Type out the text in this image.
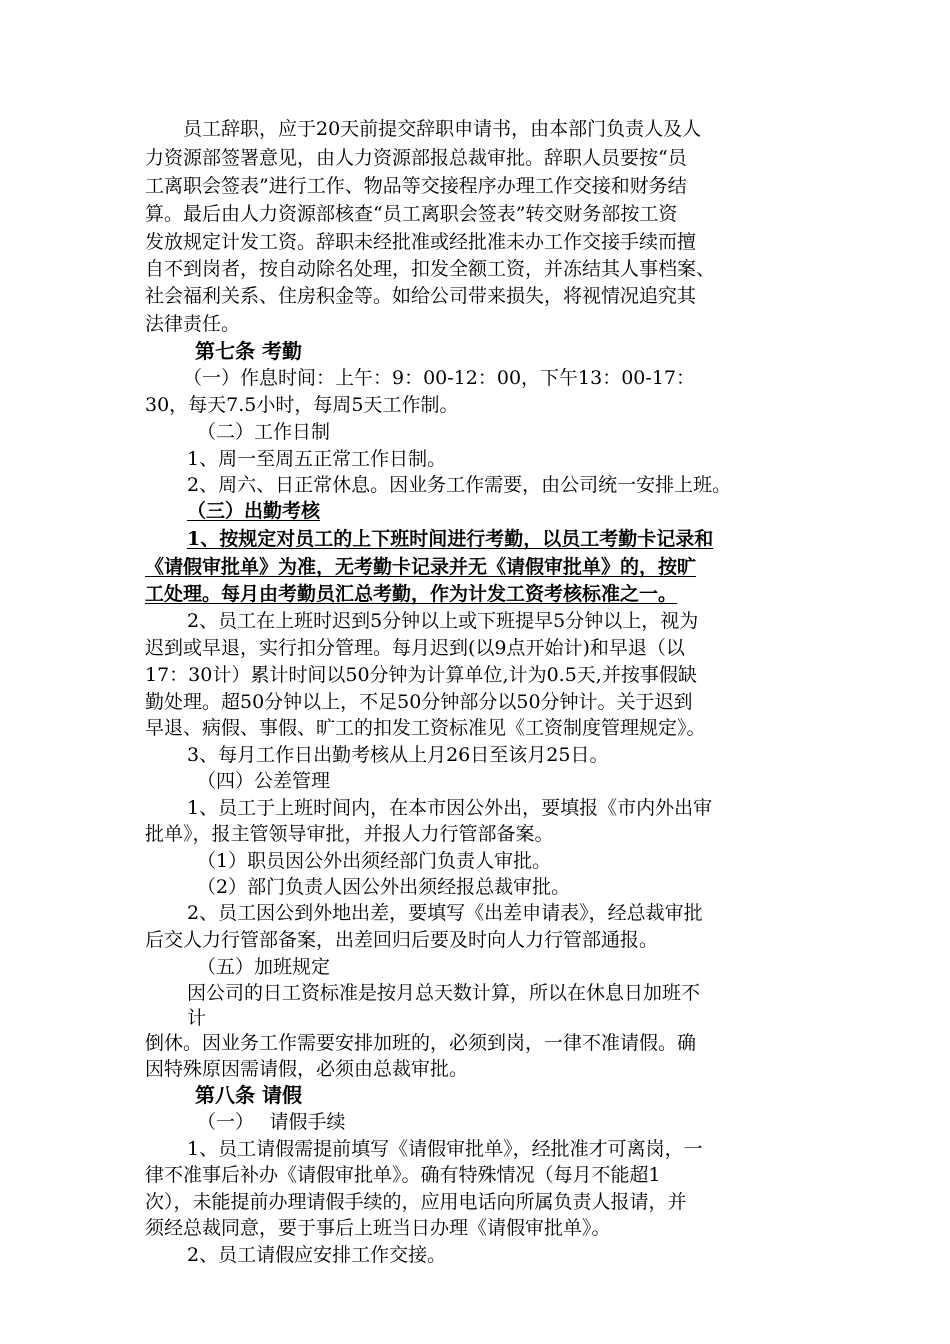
员工辞职，应于20天前提交辞职申请书，由本部门负责人及人

力资源部签署意见，由人力资源部报总裁审批。辞职人员要按“员

工离职会签表”进行工作、物品等交接程序办理工作交接和财务结

算。最后由人力资源部核查“员工离职会签表”转交财务部按工资

发放规定计发工资。辞职未经批准或经批准未办工作交接手续而擅

自不到岗者，按自动除名处理，扣发全额工资，并冻结其人事档案、

社会福利关系、住房积金等。如给公司带来损失，将视情况追究其

法律责任。

第七条 考勤

（一）作息时间：上午：9：00-12：00，下午13：00-17：

30，每天7.5小时，每周5天工作制。

（二）工作日制

1、周一至周五正常工作日制。

2、周六、日正常休息。因业务工作需要，由公司统一安排上班。

（三）出勤考核

1、按规定对员工的上下班时间进行考勤，以员工考勤卡记录和

《请假审批单》为准，无考勤卡记录并无《请假审批单》的，按旷

工处理。每月由考勤员汇总考勤，作为计发工资考核标准之一。

2、员工在上班时迟到5分钟以上或下班提早5分钟以上，视为

迟到或早退，实行扣分管理。每月迟到(以9点开始计)和早退（以

17：30计）累计时间以50分钟为计算单位,计为0.5天,并按事假缺

勤处理。超50分钟以上，不足50分钟部分以50分钟计。关于迟到

早退、病假、事假、旷工的扣发工资标准见《工资制度管理规定》。

3、每月工作日出勤考核从上月26日至该月25日。

（四）公差管理

1、员工于上班时间内，在本市因公外出，要填报《市内外出审

批单》，报主管领导审批，并报人力行管部备案。

（1）职员因公外出须经部门负责人审批。

（2）部门负责人因公外出须经报总裁审批。

2、员工因公到外地出差，要填写《出差申请表》，经总裁审批

后交人力行管部备案，出差回归后要及时向人力行管部通报。

（五）加班规定

因公司的日工资标准是按月总天数计算，所以在休息日加班不

计

倒休。因业务工作需要安排加班的，必须到岗，一律不准请假。确

因特殊原因需请假，必须由总裁审批。

第八条 请假

（一）　 请假手续

1、员工请假需提前填写《请假审批单》，经批准才可离岗，一

律不准事后补办《请假审批单》。确有特殊情况（每月不能超1

次），未能提前办理请假手续的，应用电话向所属负责人报请，并

须经总裁同意，要于事后上班当日办理《请假审批单》。

2、员工请假应安排工作交接。
